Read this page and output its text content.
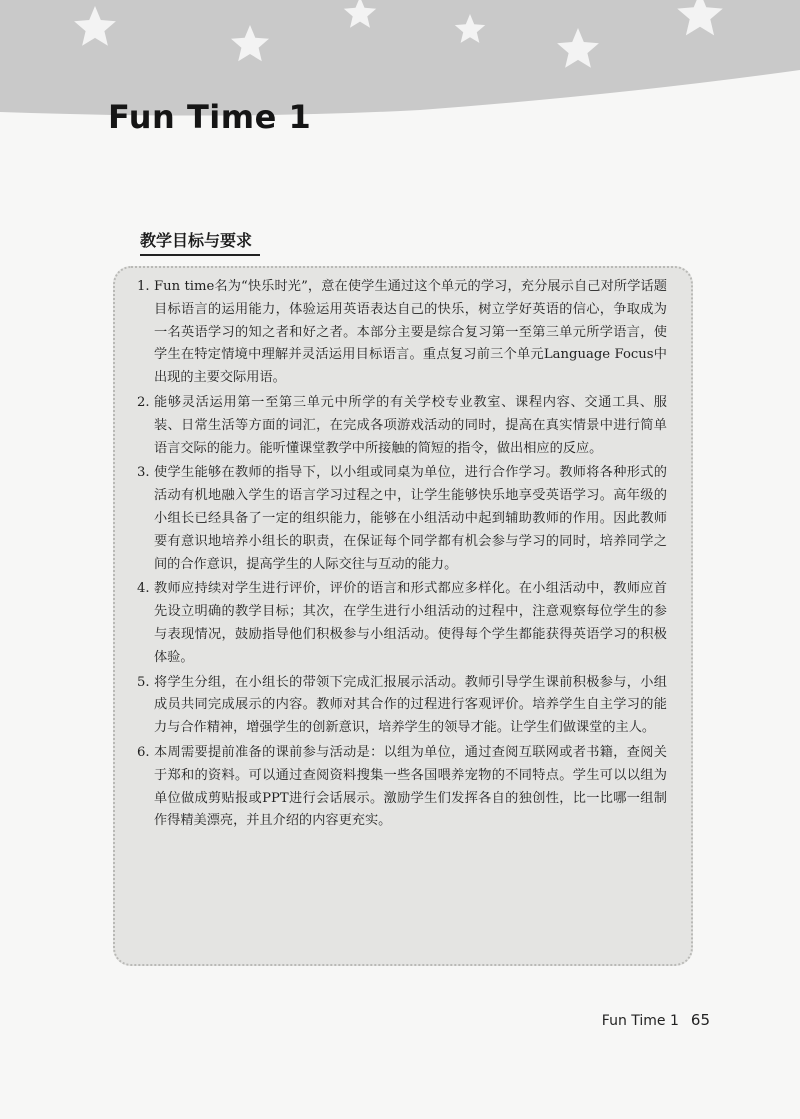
Fun Time 1
教学目标与要求
1. Fun time名为“快乐时光”，意在使学生通过这个单元的学习，充分展示自己对所学话题目标语言的运用能力，体验运用英语表达自己的快乐，树立学好英语的信心，争取成为一名英语学习的知之者和好之者。本部分主要是综合复习第一至第三单元所学语言，使学生在特定情境中理解并灵活运用目标语言。重点复习前三个单元Language Focus中出现的主要交际用语。
2. 能够灵活运用第一至第三单元中所学的有关学校专业教室、课程内容、交通工具、服装、日常生活等方面的词汇，在完成各项游戏活动的同时，提高在真实情景中进行简单语言交际的能力。能听懂课堂教学中所接触的简短的指令，做出相应的反应。
3. 使学生能够在教师的指导下，以小组或同桌为单位，进行合作学习。教师将各种形式的活动有机地融入学生的语言学习过程之中，让学生能够快乐地享受英语学习。高年级的小组长已经具备了一定的组织能力，能够在小组活动中起到辅助教师的作用。因此教师要有意识地培养小组长的职责，在保证每个同学都有机会参与学习的同时，培养同学之间的合作意识，提高学生的人际交往与互动的能力。
4. 教师应持续对学生进行评价，评价的语言和形式都应多样化。在小组活动中，教师应首先设立明确的教学目标；其次，在学生进行小组活动的过程中，注意观察每位学生的参与表现情况，鼓励指导他们积极参与小组活动。使得每个学生都能获得英语学习的积极体验。
5. 将学生分组，在小组长的带领下完成汇报展示活动。教师引导学生课前积极参与，小组成员共同完成展示的内容。教师对其合作的过程进行客观评价。培养学生自主学习的能力与合作精神，增强学生的创新意识，培养学生的领导才能。让学生们做课堂的主人。
6. 本周需要提前准备的课前参与活动是：以组为单位，通过查阅互联网或者书籍，查阅关于郑和的资料。可以通过查阅资料搜集一些各国喂养宠物的不同特点。学生可以以组为单位做成剪贴报或PPT进行会话展示。激励学生们发挥各自的独创性，比一比哪一组制作得精美漂亮，并且介绍的内容更充实。
Fun Time 1 65
